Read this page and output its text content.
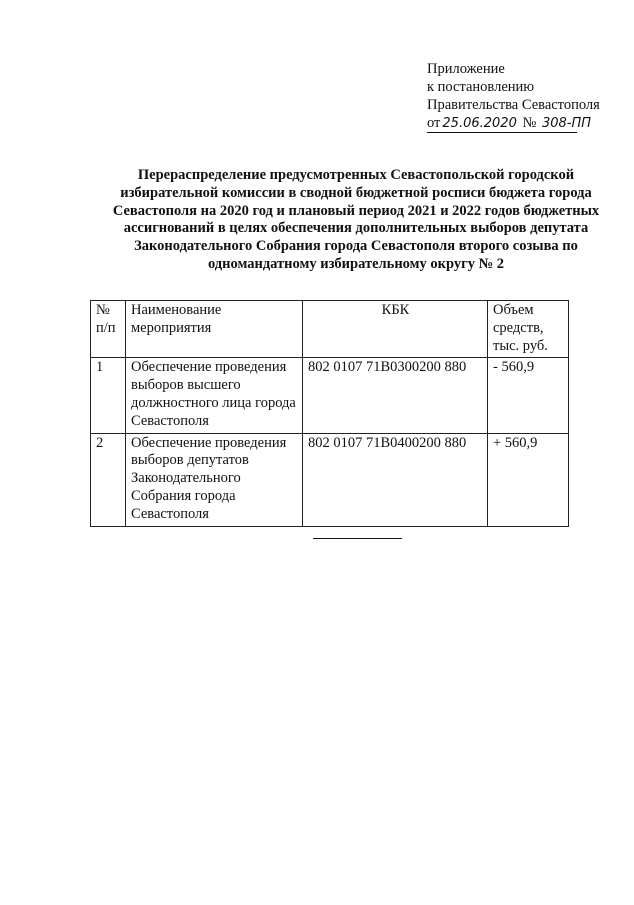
Приложение
к постановлению
Правительства Севастополя
от 25.06.2020 № 308-ПП
Перераспределение предусмотренных Севастопольской городской избирательной комиссии в сводной бюджетной росписи бюджета города Севастополя на 2020 год и плановый период 2021 и 2022 годов бюджетных ассигнований в целях обеспечения дополнительных выборов депутата Законодательного Собрания города Севастополя второго созыва по одномандатному избирательному округу № 2
№ п/п	Наименование мероприятия	КБК	Объем средств, тыс. руб.
1	Обеспечение проведения выборов высшего должностного лица города Севастополя	802 0107 71В0300200 880	- 560,9
2	Обеспечение проведения выборов депутатов Законодательного Собрания города Севастополя	802 0107 71В0400200 880	+ 560,9
